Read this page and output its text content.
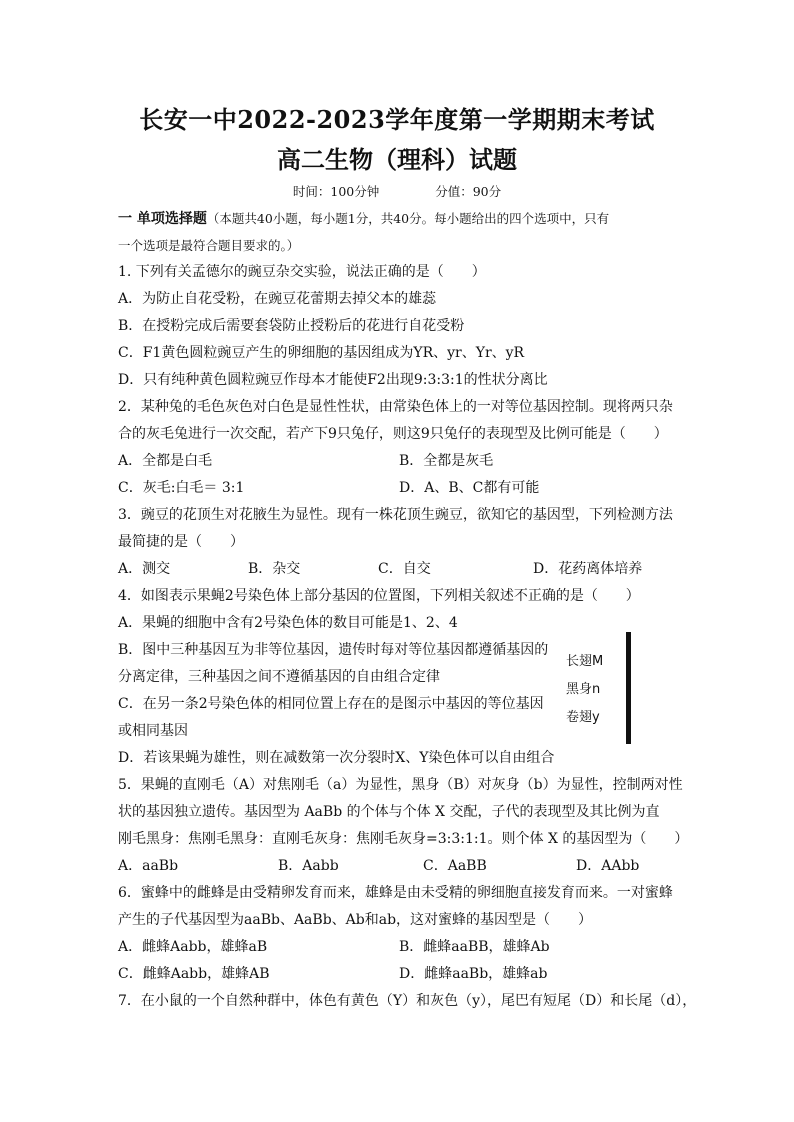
长安一中2022-2023学年度第一学期期末考试
高二生物（理科）试题
时间：100分钟	分值：90分
一 单项选择题（本题共40小题，每小题1分，共40分。每小题给出的四个选项中，只有
一个选项是最符合题目要求的。）
1. 下列有关孟德尔的豌豆杂交实验，说法正确的是（　　）
A．为防止自花受粉，在豌豆花蕾期去掉父本的雄蕊
B．在授粉完成后需要套袋防止授粉后的花进行自花受粉
C．F1黄色圆粒豌豆产生的卵细胞的基因组成为YR、yr、Yr、yR
D．只有纯种黄色圆粒豌豆作母本才能使F2出现9:3:3:1的性状分离比
2．某种兔的毛色灰色对白色是显性性状，由常染色体上的一对等位基因控制。现将两只杂
合的灰毛兔进行一次交配，若产下9只兔仔，则这9只兔仔的表现型及比例可能是（　　）
A．全都是白毛	B．全都是灰毛
C．灰毛:白毛＝ 3:1	D．A、B、C都有可能
3．豌豆的花顶生对花腋生为显性。现有一株花顶生豌豆，欲知它的基因型，下列检测方法
最简捷的是（　　）
A．测交	B．杂交	C．自交	D．花药离体培养
4．如图表示果蝇2号染色体上部分基因的位置图，下列相关叙述不正确的是（　　）
A．果蝇的细胞中含有2号染色体的数目可能是1、2、4
B．图中三种基因互为非等位基因，遗传时每对等位基因都遵循基因的
分离定律，三种基因之间不遵循基因的自由组合定律
C．在另一条2号染色体的相同位置上存在的是图示中基因的等位基因
或相同基因
D．若该果蝇为雄性，则在减数第一次分裂时X、Y染色体可以自由组合
5．果蝇的直刚毛（A）对焦刚毛（a）为显性，黑身（B）对灰身（b）为显性，控制两对性
状的基因独立遗传。基因型为 AaBb 的个体与个体 X 交配，子代的表现型及其比例为直
刚毛黑身：焦刚毛黑身：直刚毛灰身：焦刚毛灰身=3:3:1:1。则个体 X 的基因型为（　　）
A．aaBb	B．Aabb	C．AaBB	D．AAbb
6．蜜蜂中的雌蜂是由受精卵发育而来，雄蜂是由未受精的卵细胞直接发育而来。一对蜜蜂
产生的子代基因型为aaBb、AaBb、Ab和ab，这对蜜蜂的基因型是（　　）
A．雌蜂Aabb，雄蜂aB	B．雌蜂aaBB，雄蜂Ab
C．雌蜂Aabb，雄蜂AB	D．雌蜂aaBb，雄蜂ab
7．在小鼠的一个自然种群中，体色有黄色（Y）和灰色（y），尾巴有短尾（D）和长尾（d），
长翅M
黑身n
卷翅y
